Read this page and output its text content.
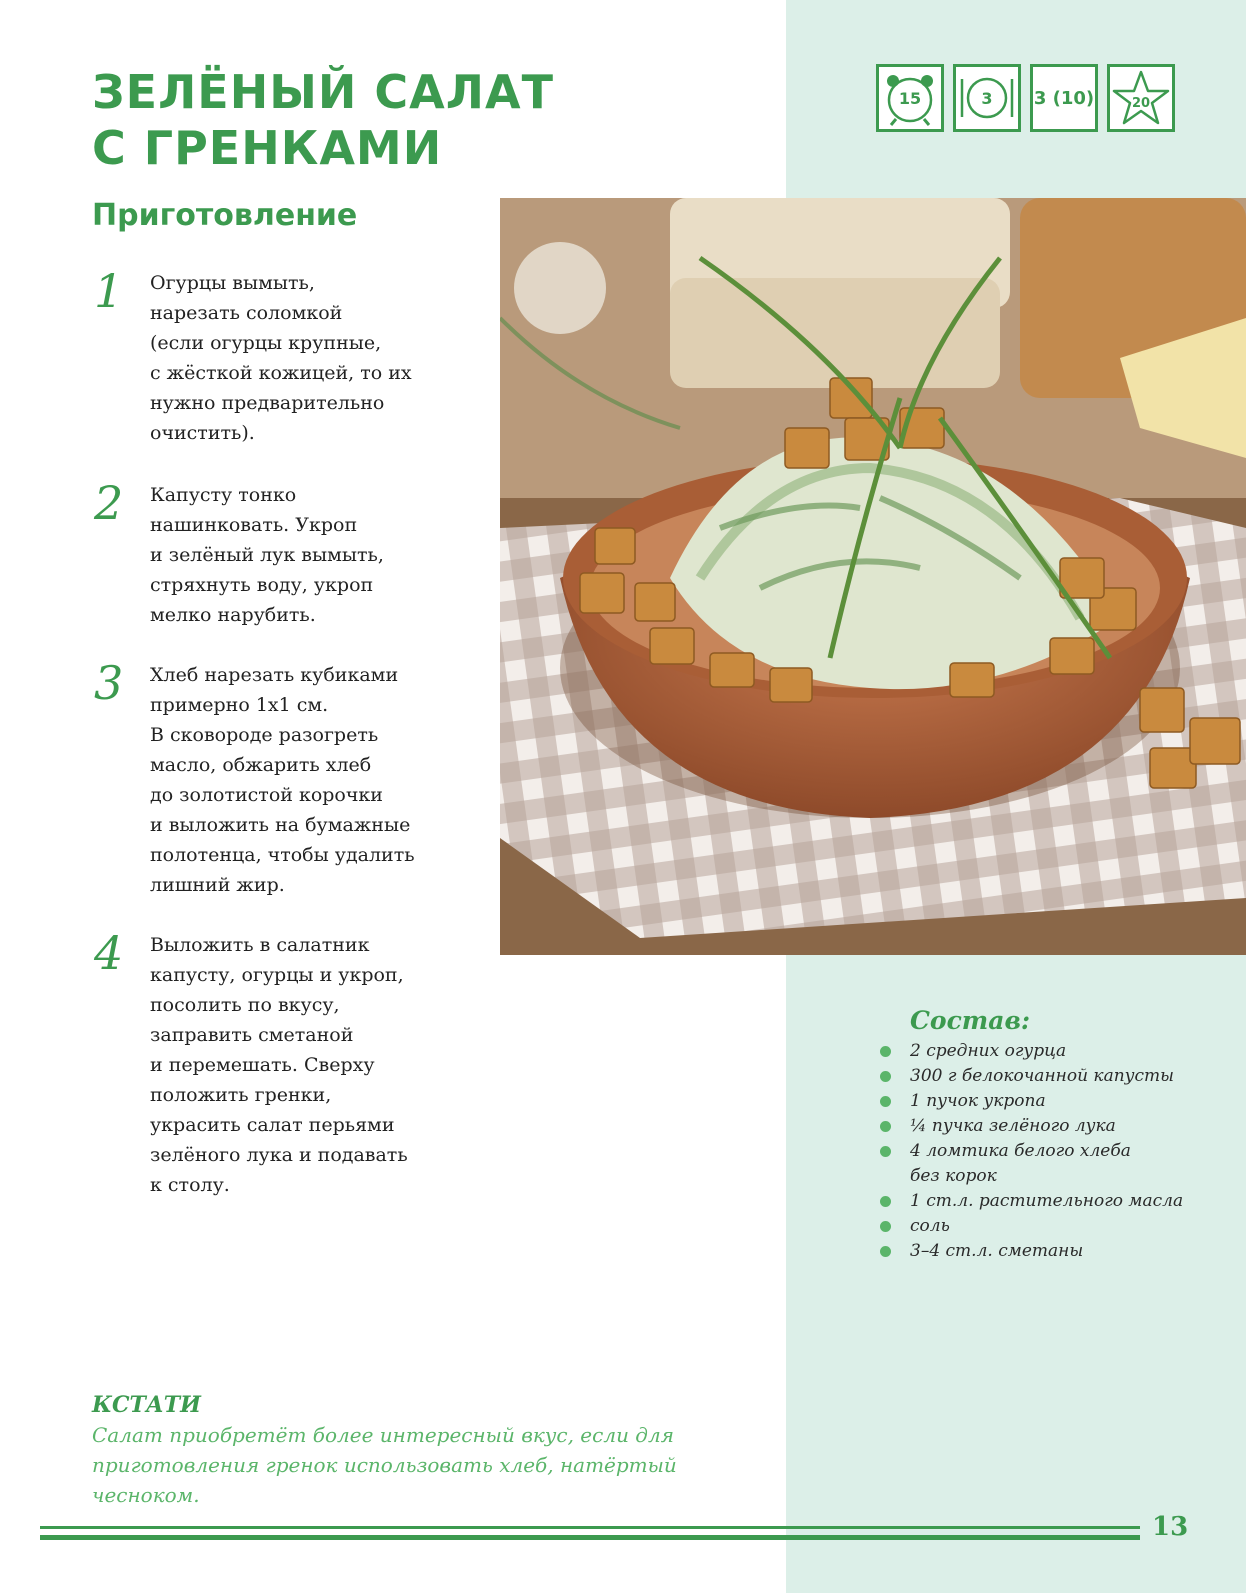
ЗЕЛЁНЫЙ САЛАТ
С ГРЕНКАМИ
Приготовление
15	3 3 (10)	20
1 Огурцы вымыть,
нарезать соломкой
(если огурцы крупные,
с жёсткой кожицей, то их
нужно предварительно
очистить).
2 Капусту тонко
нашинковать. Укроп
и зелёный лук вымыть,
стряхнуть воду, укроп
мелко нарубить.
3 Хлеб нарезать кубиками
примерно 1х1 см.
В сковороде разогреть
масло, обжарить хлеб
до золотистой корочки
и выложить на бумажные
полотенца, чтобы удалить
лишний жир.
4 Выложить в салатник
капусту, огурцы и укроп,
посолить по вкусу,
заправить сметаной
и перемешать. Сверху
положить гренки,
украсить салат перьями
зелёного лука и подавать
к столу.
Состав:
2 средних огурца
300 г белокочанной капусты
1 пучок укропа
¼ пучка зелёного лука
4 ломтика белого хлеба
без корок
1 ст.л. растительного масла
соль
3–4 ст.л. сметаны
КСТАТИ
Салат приобретёт более интересный вкус, если для
приготовления гренок использовать хлеб, натёртый
чесноком.
13
